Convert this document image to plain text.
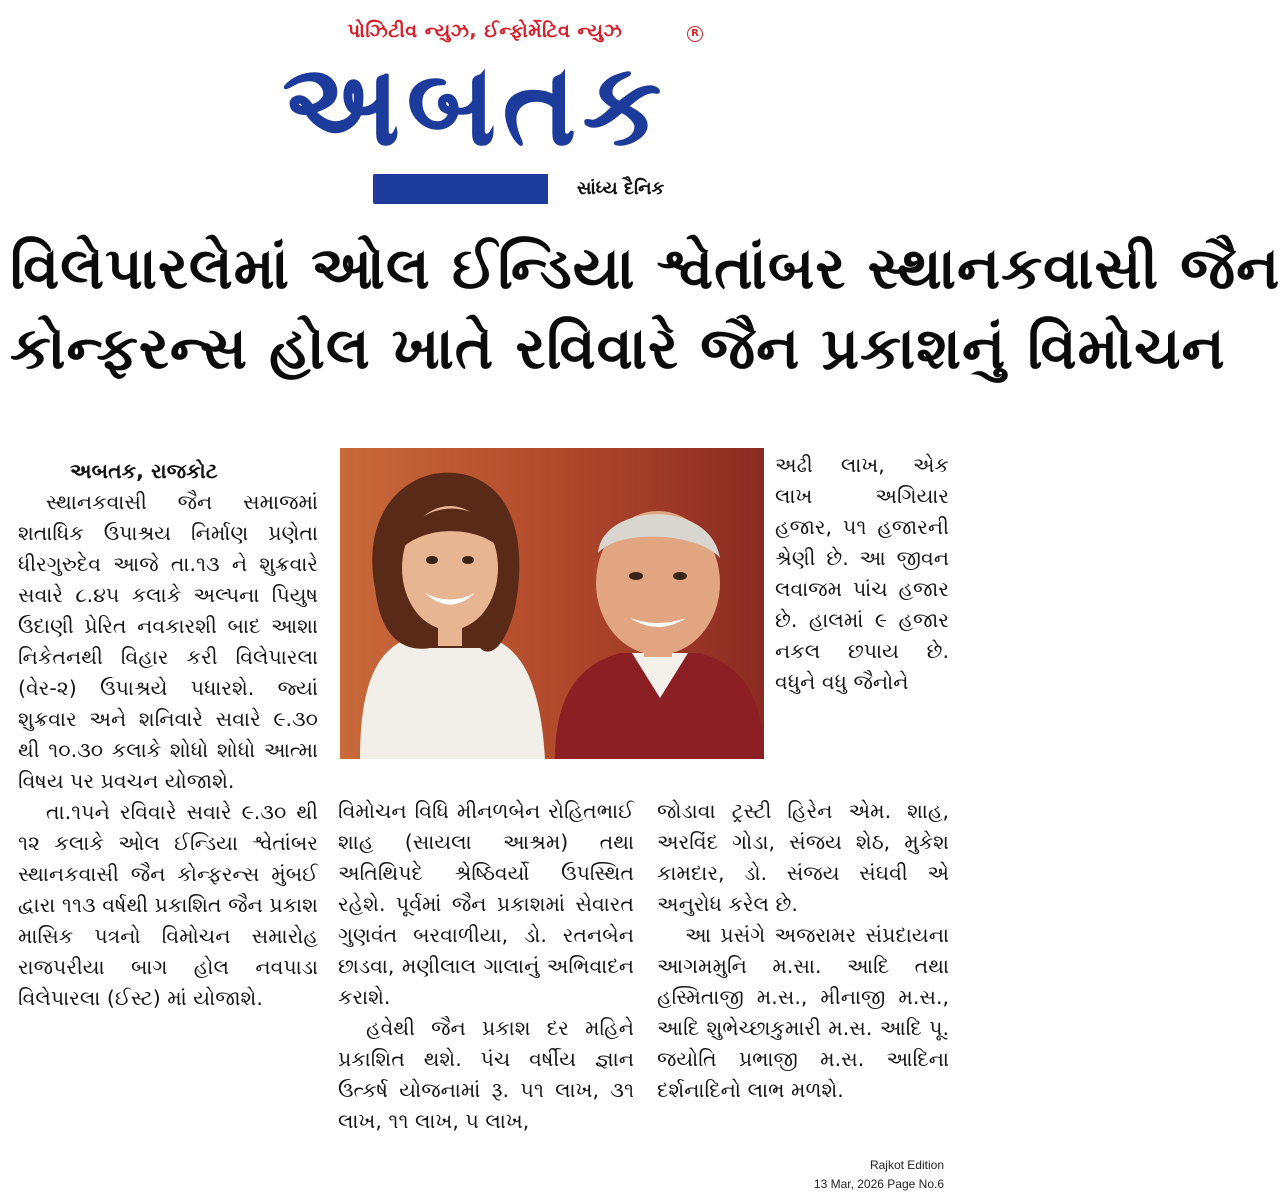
પોઝિટીવ ન્યુઝ, ઈન્ફોર્મેટિવ ન્યુઝ
અબતક
R
સાંધ્ય દૈનિક
વિલેપારલેમાં ઓલ ઈન્ડિયા શ્વેતાંબર સ્થાનકવાસી જૈન
કોન્ફરન્સ હોલ ખાતે રવિવારે જૈન પ્રકાશનું વિમોચન

અબતક, રાજકોટ

સ્થાનકવાસી જૈન સમાજમાં શતાધિક ઉપાશ્રય નિર્માણ પ્રણેતા ધીરગુરુદેવ આજે તા.૧૩ ને શુક્રવારે સવારે ૮.૪૫ કલાકે અલ્પના પિયુષ ઉદાણી પ્રેરિત નવકારશી બાદ આશા નિકેતનથી વિહાર કરી વિલેપારલા (વેર-૨) ઉપાશ્રયે પધારશે. જ્યાં શુક્રવાર અને શનિવારે સવારે ૯.૩૦ થી ૧૦.૩૦ કલાકે શોધો શોધો આત્મા વિષય પર પ્રવચન યોજાશે.

તા.૧૫ને રવિવારે સવારે ૯.૩૦ થી ૧૨ કલાકે ઓલ ઈન્ડિયા શ્વેતાંબર સ્થાનકવાસી જૈન કોન્ફરન્સ મુંબઈ દ્વારા ૧૧૩ વર્ષથી પ્રકાશિત જૈન પ્રકાશ માસિક પત્રનો વિમોચન સમારોહ રાજપરીયા બાગ હોલ નવપાડા વિલેપારલા (ઈસ્ટ) માં યોજાશે.

અઢી લાખ, એક લાખ અગિયાર હજાર, ૫૧ હજારની શ્રેણી છે. આ જીવન લવાજમ પાંચ હજાર છે. હાલમાં ૯ હજાર નકલ છપાય છે. વધુને વધુ જૈનોને

વિમોચન વિધિ મીનળબેન રોહિતભાઈ શાહ (સાયલા આશ્રમ) તથા અતિથિપદે શ્રેષ્ઠિવર્યો ઉપસ્થિત રહેશે. પૂર્વમાં જૈન પ્રકાશમાં સેવારત ગુણવંત બરવાળીયા, ડો. રતનબેન છાડવા, મણીલાલ ગાલાનું અભિવાદન કરાશે.

હવેથી જૈન પ્રકાશ દર મહિને પ્રકાશિત થશે. પંચ વર્ષીય જ્ઞાન ઉત્કર્ષ યોજનામાં રૂ. ૫૧ લાખ, ૩૧ લાખ, ૧૧ લાખ, ૫ લાખ,

જોડાવા ટ્રસ્ટી હિરેન એમ. શાહ, અરવિંદ ગોડા, સંજય શેઠ, મુકેશ કામદાર, ડો. સંજય સંઘવી એ અનુરોધ કરેલ છે.

આ પ્રસંગે અજરામર સંપ્રદાયના આગમમુનિ મ.સા. આદિ તથા હસ્મિતાજી મ.સ., મીનાજી મ.સ., આદિ શુભેચ્છાકુમારી મ.સ. આદિ પૂ. જયોતિ પ્રભાજી મ.સ. આદિના દર્શનાદિનો લાભ મળશે.

Rajkot Edition
13 Mar, 2026 Page No.6
